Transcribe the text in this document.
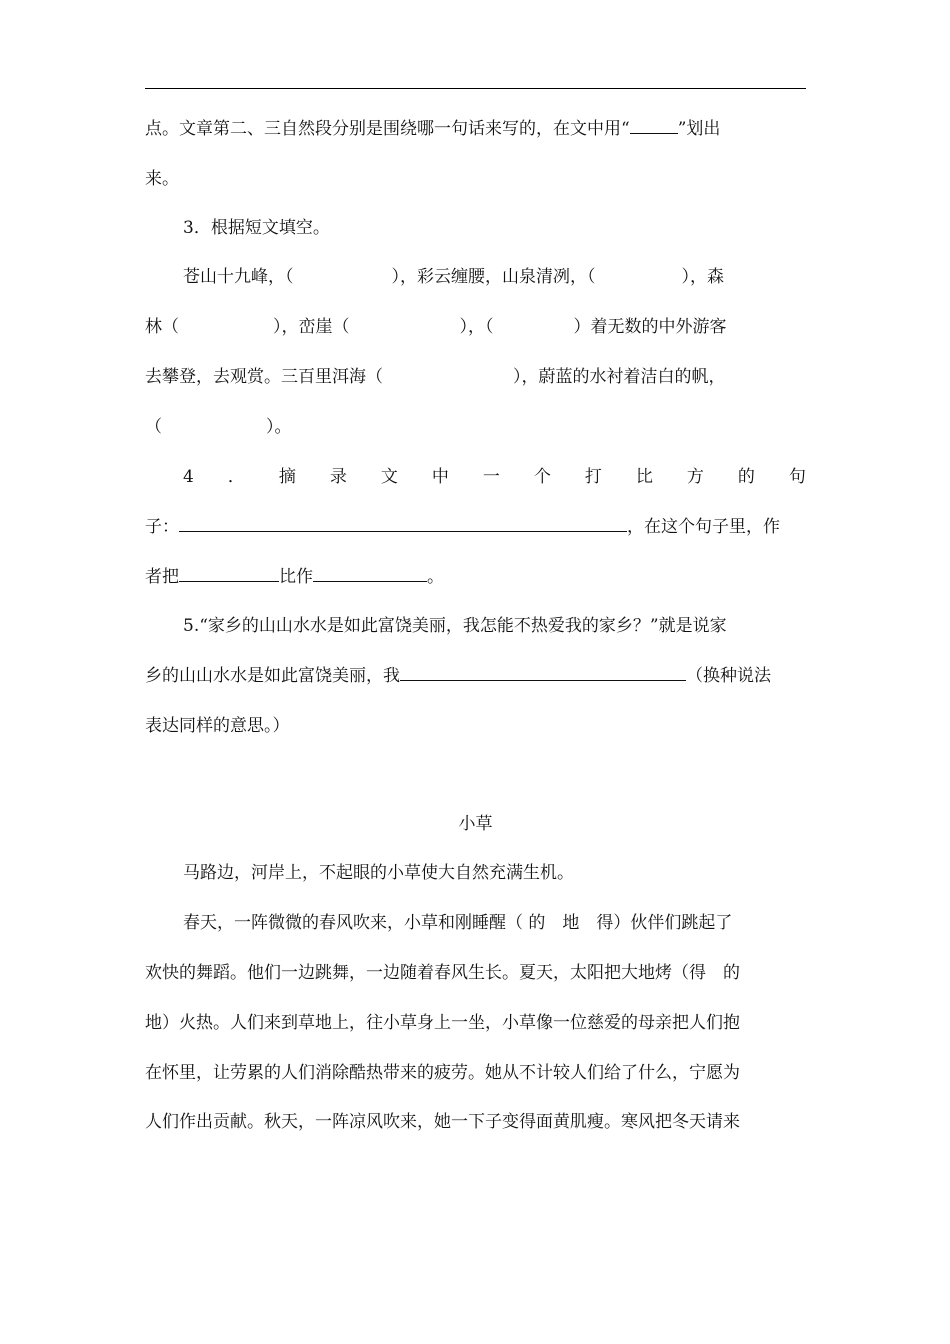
点。文章第二、三自然段分别是围绕哪一句话来写的，在文中用“	”划出
来。
3．根据短文填空。
苍山十九峰，（	），彩云缠腰，山泉清冽，（	），森
林（	），峦崖（	），（	）着无数的中外游客
去攀登，去观赏。三百里洱海（	），蔚蓝的水衬着洁白的帆，
（	）。
4 ． 摘 录 文 中 一 个 打 比 方 的 句
子：	，在这个句子里，作
者把	比作	。
5.“家乡的山山水水是如此富饶美丽，我怎能不热爱我的家乡？”就是说家
乡的山山水水是如此富饶美丽，我	（换种说法
表达同样的意思。）
小草
马路边，河岸上，不起眼的小草使大自然充满生机。
春天，一阵微微的春风吹来，小草和刚睡醒（ 的　地　得）伙伴们跳起了
欢快的舞蹈。他们一边跳舞，一边随着春风生长。夏天，太阳把大地烤（得　的
地）火热。人们来到草地上，往小草身上一坐，小草像一位慈爱的母亲把人们抱
在怀里，让劳累的人们消除酷热带来的疲劳。她从不计较人们给了什么，宁愿为
人们作出贡献。秋天，一阵凉风吹来，她一下子变得面黄肌瘦。寒风把冬天请来
